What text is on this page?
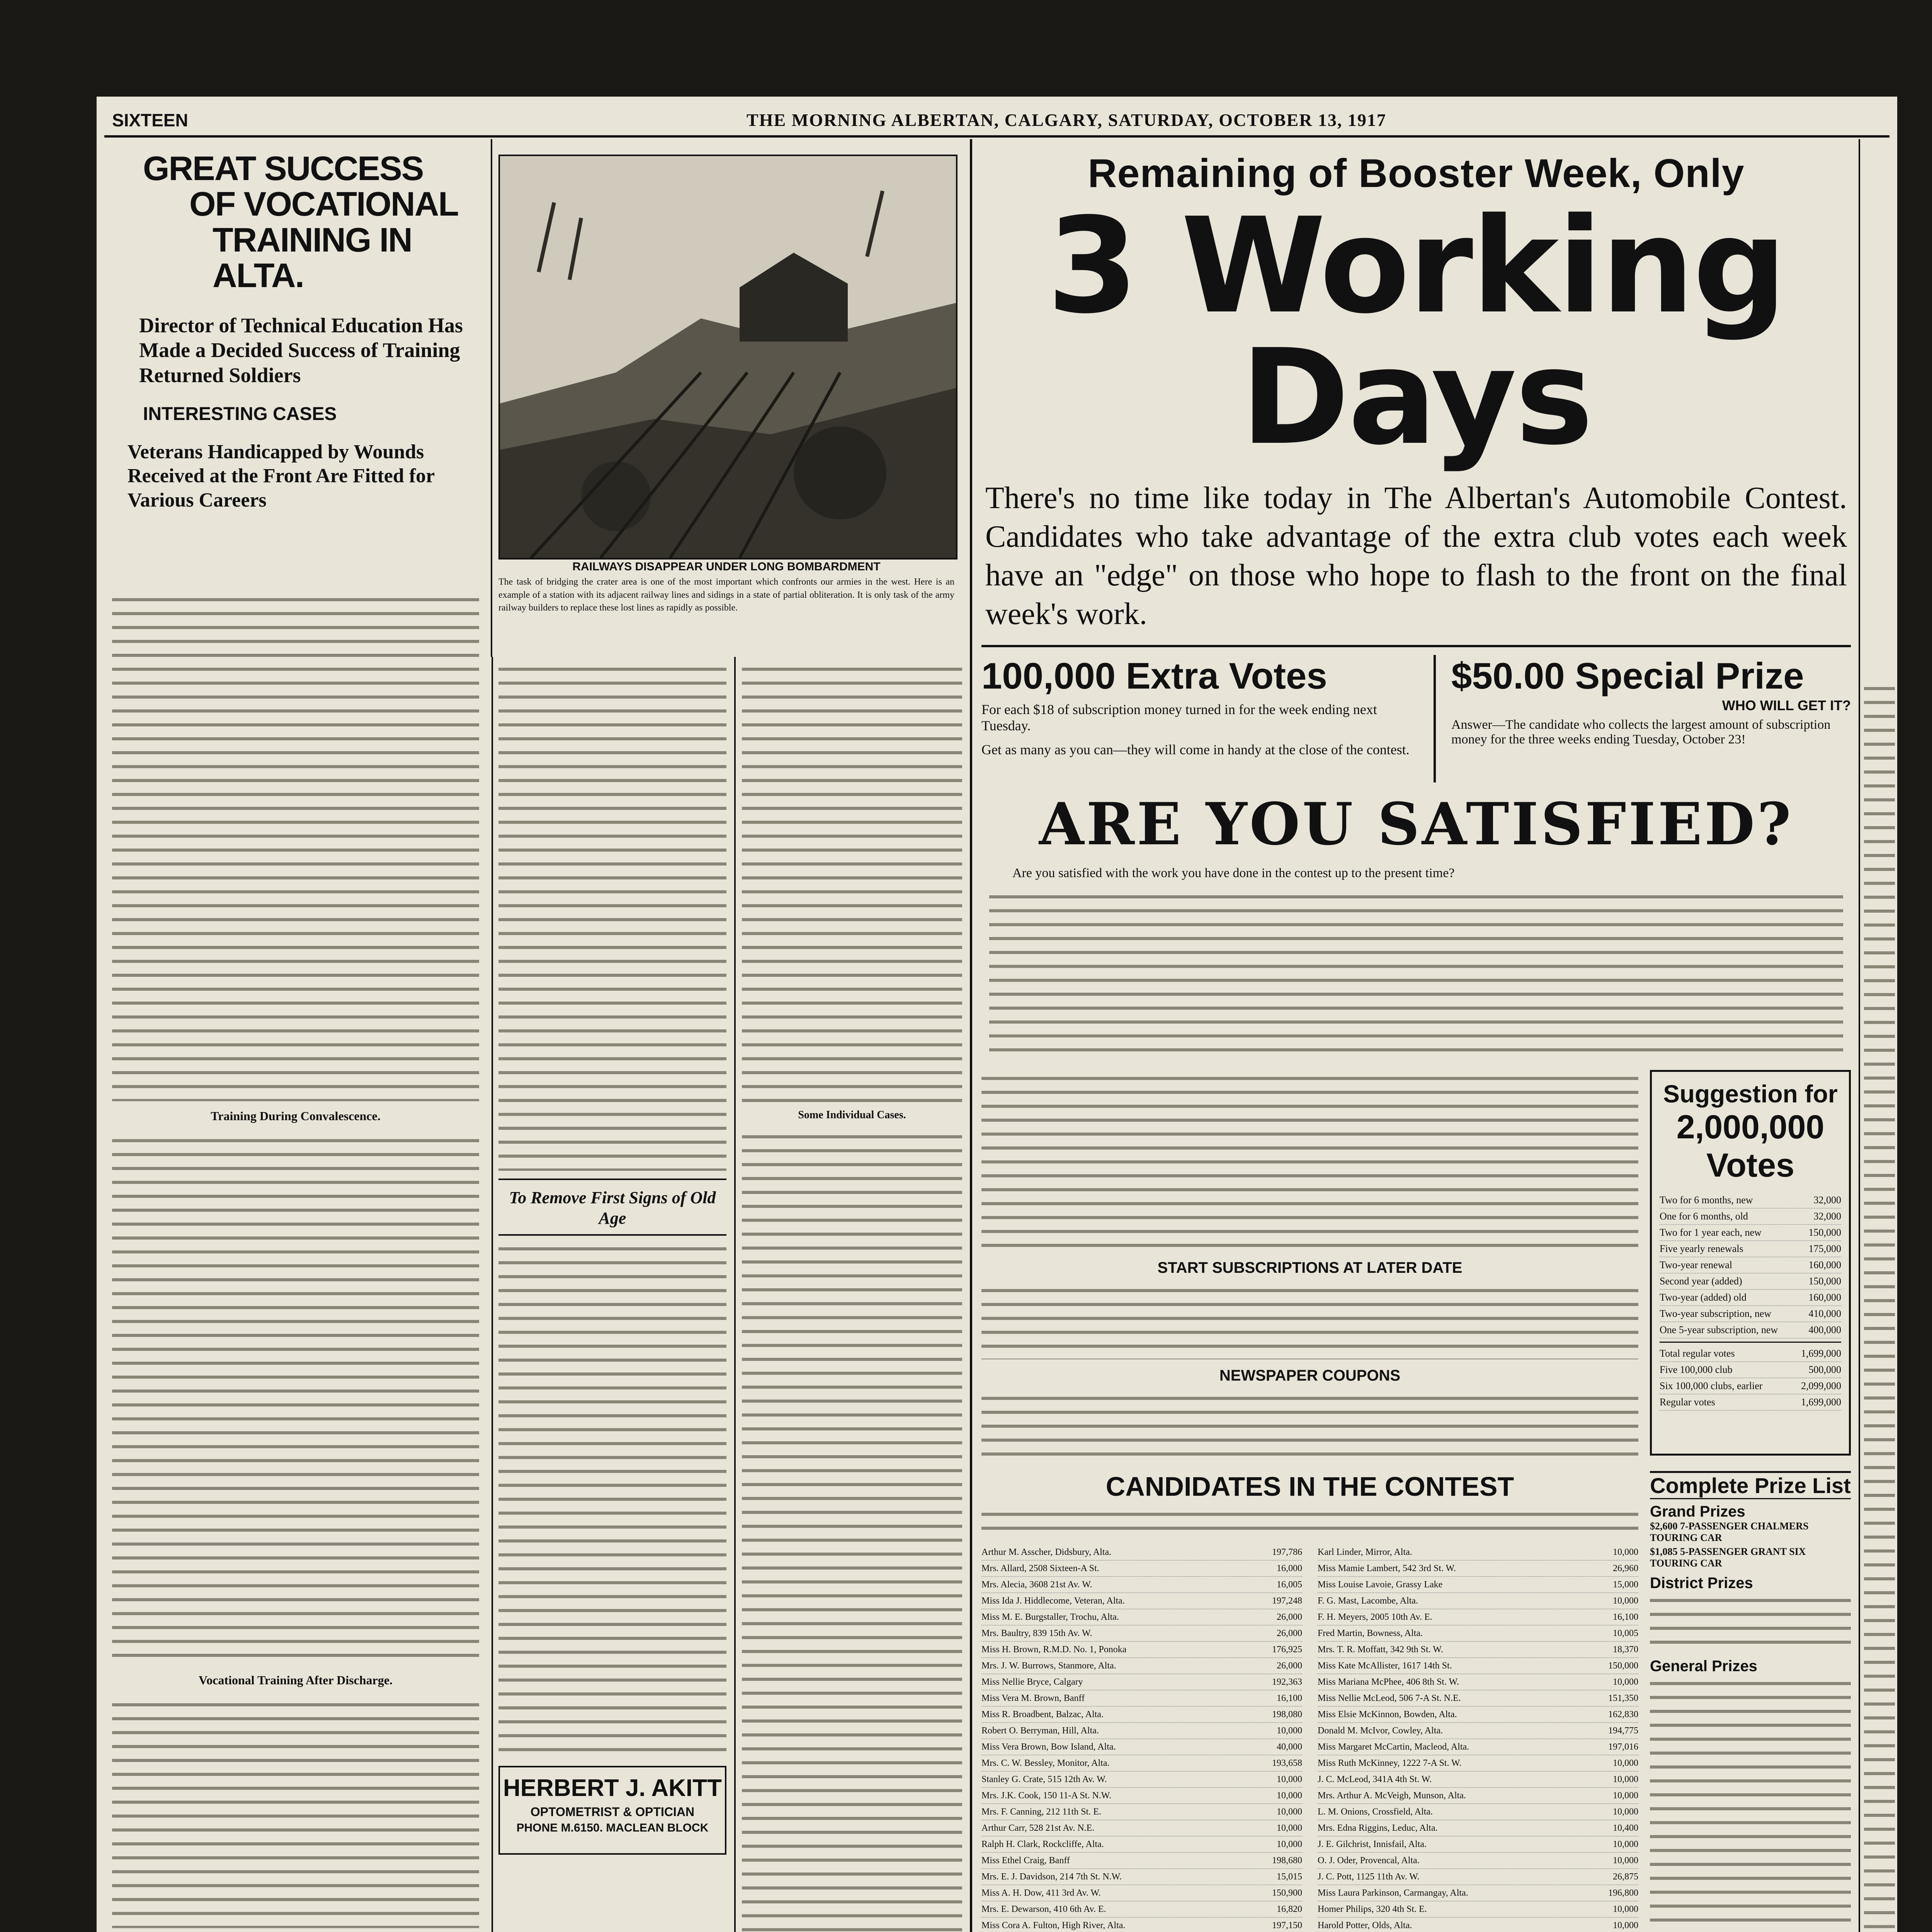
SIXTEEN	THE MORNING ALBERTAN, CALGARY, SATURDAY, OCTOBER 13, 1917
GREAT SUCCESS
OF VOCATIONAL
TRAINING IN ALTA.
Director of Technical Education Has Made a Decided Success of Training Returned Soldiers
INTERESTING CASES
Veterans Handicapped by Wounds Received at the Front Are Fitted for Various Careers
Training During Convalescence.
Vocational Training After Discharge.
RAILWAYS DISAPPEAR UNDER LONG BOMBARDMENT
The task of bridging the crater area is one of the most important which confronts our armies in the west. Here is an example of a station with its adjacent railway lines and sidings in a state of partial obliteration. It is only task of the army railway builders to replace these lost lines as rapidly as possible.
Some Individual Cases.
To Remove First Signs of Old Age
HERBERT J. AKITT
OPTOMETRIST & OPTICIAN
PHONE M.6150. MACLEAN BLOCK
Remaining of Booster Week, Only
3 Working Days
There's no time like today in The Albertan's Automobile Contest. Candidates who take advantage of the extra club votes each week have an "edge" on those who hope to flash to the front on the final week's work.
100,000 Extra Votes
For each $18 of subscription money turned in for the week ending next Tuesday.
Get as many as you can—they will come in handy at the close of the contest.
$50.00 Special Prize
WHO WILL GET IT?
Answer—The candidate who collects the largest amount of subscription money for the three weeks ending Tuesday, October 23!
ARE YOU SATISFIED?
Are you satisfied with the work you have done in the contest up to the present time?
START SUBSCRIPTIONS AT LATER DATE
NEWSPAPER COUPONS
Suggestion for
2,000,000 Votes
Two for 6 months, new	32,000
One for 6 months, old	32,000
Two for 1 year each, new	150,000
Five yearly renewals	175,000
Two-year renewal	160,000
Second year (added)	150,000
Two-year (added) old	160,000
Two-year subscription, new	410,000
One 5-year subscription, new	400,000
Total regular votes	1,699,000
Five 100,000 club	500,000
Six 100,000 clubs, earlier	2,099,000
Regular votes	1,699,000
CANDIDATES IN THE CONTEST
Arthur M. Asscher, Didsbury, Alta.	197,786
Mrs. Allard, 2508 Sixteen-A St.	16,000
Mrs. Alecia, 3608 21st Av. W.	16,005
Miss Ida J. Hiddlecome, Veteran, Alta.	197,248
Miss M. E. Burgstaller, Trochu, Alta.	26,000
Mrs. Baultry, 839 15th Av. W.	26,000
Miss H. Brown, R.M.D. No. 1, Ponoka	176,925
Mrs. J. W. Burrows, Stanmore, Alta.	26,000
Miss Nellie Bryce, Calgary	192,363
Miss Vera M. Brown, Banff	16,100
Miss R. Broadbent, Balzac, Alta.	198,080
Robert O. Berryman, Hill, Alta.	10,000
Miss Vera Brown, Bow Island, Alta.	40,000
Mrs. C. W. Bessley, Monitor, Alta.	193,658
Stanley G. Crate, 515 12th Av. W.	10,000
Mrs. J.K. Cook, 150 11-A St. N.W.	10,000
Mrs. F. Canning, 212 11th St. E.	10,000
Arthur Carr, 528 21st Av. N.E.	10,000
Ralph H. Clark, Rockcliffe, Alta.	10,000
Miss Ethel Craig, Banff	198,680
Mrs. E. J. Davidson, 214 7th St. N.W.	15,015
Miss A. H. Dow, 411 3rd Av. W.	150,900
Mrs. E. Dewarson, 410 6th Av. E.	16,820
Miss Cora A. Fulton, High River, Alta.	197,150
Karl Linder, Mirror, Alta.	10,000
Miss Mamie Lambert, 542 3rd St. W.	26,960
Miss Louise Lavoie, Grassy Lake	15,000
F. G. Mast, Lacombe, Alta.	10,000
F. H. Meyers, 2005 10th Av. E.	16,100
Fred Martin, Bowness, Alta.	10,005
Mrs. T. R. Moffatt, 342 9th St. W.	18,370
Miss Kate McAllister, 1617 14th St.	150,000
Miss Mariana McPhee, 406 8th St. W.	10,000
Miss Nellie McLeod, 506 7-A St. N.E.	151,350
Miss Elsie McKinnon, Bowden, Alta.	162,830
Donald M. McIvor, Cowley, Alta.	194,775
Miss Margaret McCartin, Macleod, Alta.	197,016
Miss Ruth McKinney, 1222 7-A St. W.	10,000
J. C. McLeod, 341A 4th St. W.	10,000
Mrs. Arthur A. McVeigh, Munson, Alta.	10,000
L. M. Onions, Crossfield, Alta.	10,000
Mrs. Edna Riggins, Leduc, Alta.	10,400
J. E. Gilchrist, Innisfail, Alta.	10,000
O. J. Oder, Provencal, Alta.	10,000
J. C. Pott, 1125 11th Av. W.	26,875
Miss Laura Parkinson, Carmangay, Alta.	196,800
Homer Philips, 320 4th St. E.	10,000
Harold Potter, Olds, Alta.	10,000
Complete Prize List
Grand Prizes
$2,600 7-PASSENGER CHALMERS TOURING CAR
$1,085 5-PASSENGER GRANT SIX TOURING CAR
District Prizes
General Prizes
